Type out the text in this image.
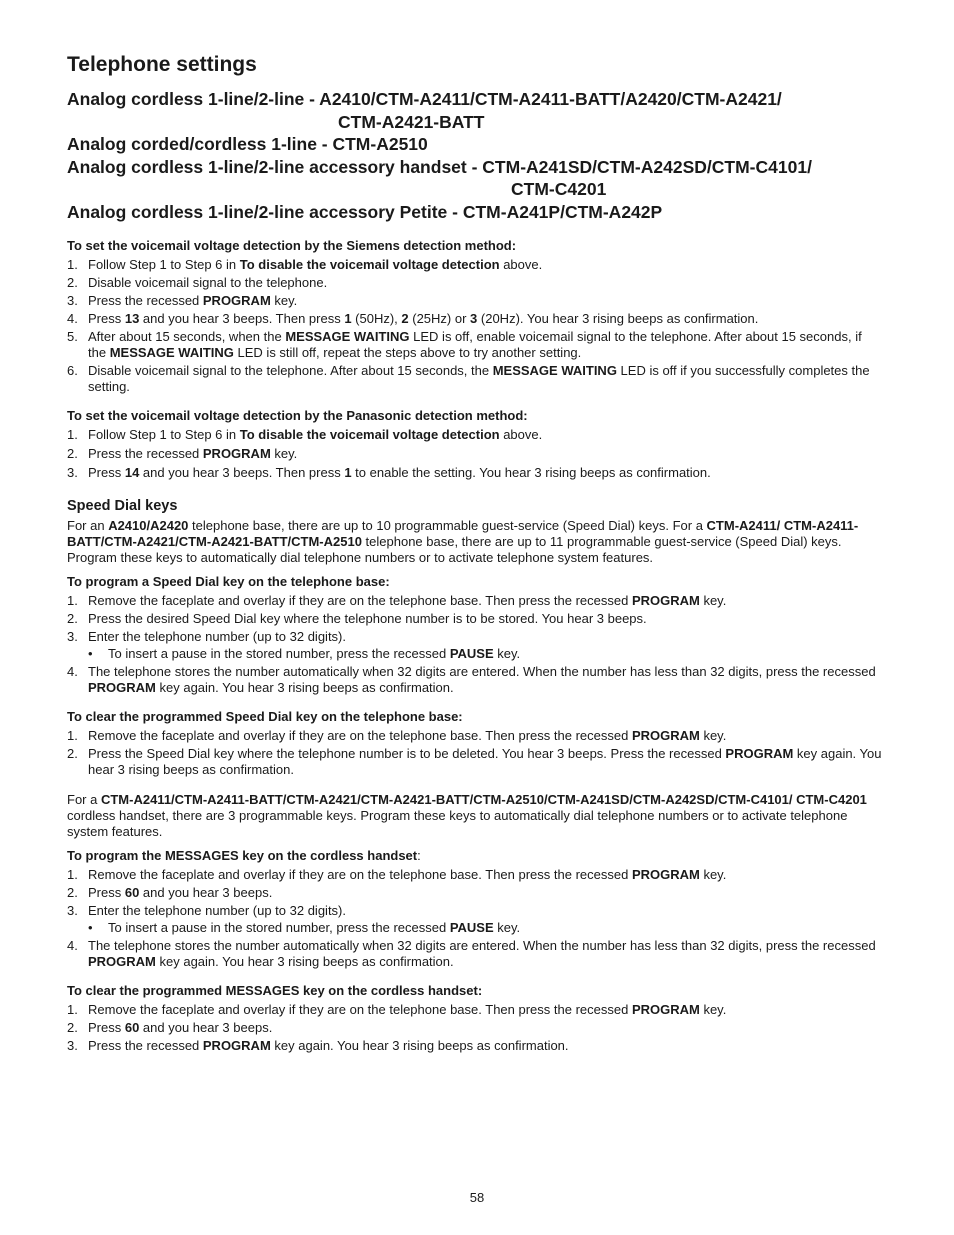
Telephone settings

Analog cordless 1-line/2-line - A2410/CTM-A2411/CTM-A2411-BATT/A2420/CTM-A2421/
CTM-A2421-BATT

Analog corded/cordless 1-line - CTM-A2510

Analog cordless 1-line/2-line accessory handset - CTM-A241SD/CTM-A242SD/CTM-C4101/
CTM-C4201

Analog cordless 1-line/2-line accessory Petite - CTM-A241P/CTM-A242P

To set the voicemail voltage detection by the Siemens detection method:
1. Follow Step 1 to Step 6 in To disable the voicemail voltage detection above.
2. Disable voicemail signal to the telephone.
3. Press the recessed PROGRAM key.
4. Press 13 and you hear 3 beeps. Then press 1 (50Hz), 2 (25Hz) or 3 (20Hz). You hear 3 rising beeps as confirmation.
5. After about 15 seconds, when the MESSAGE WAITING LED is off, enable voicemail signal to the telephone. After about 15 seconds, if the MESSAGE WAITING LED is still off, repeat the steps above to try another setting.
6. Disable voicemail signal to the telephone. After about 15 seconds, the MESSAGE WAITING LED is off if you successfully completes the setting.
To set the voicemail voltage detection by the Panasonic detection method:
1. Follow Step 1 to Step 6 in To disable the voicemail voltage detection above.
2. Press the recessed PROGRAM key.
3. Press 14 and you hear 3 beeps. Then press 1 to enable the setting. You hear 3 rising beeps as confirmation.
Speed Dial keys

For an A2410/A2420 telephone base, there are up to 10 programmable guest-service (Speed Dial) keys. For a CTM-A2411/ CTM-A2411-BATT/CTM-A2421/CTM-A2421-BATT/CTM-A2510 telephone base, there are up to 11 programmable guest-service (Speed Dial) keys. Program these keys to automatically dial telephone numbers or to activate telephone system features.

To program a Speed Dial key on the telephone base:
1. Remove the faceplate and overlay if they are on the telephone base. Then press the recessed PROGRAM key.
2. Press the desired Speed Dial key where the telephone number is to be stored. You hear 3 beeps.
3. Enter the telephone number (up to 32 digits).
• To insert a pause in the stored number, press the recessed PAUSE key.
4. The telephone stores the number automatically when 32 digits are entered. When the number has less than 32 digits, press the recessed PROGRAM key again. You hear 3 rising beeps as confirmation.
To clear the programmed Speed Dial key on the telephone base:
1. Remove the faceplate and overlay if they are on the telephone base. Then press the recessed PROGRAM key.
2. Press the Speed Dial key where the telephone number is to be deleted. You hear 3 beeps. Press the recessed PROGRAM key again. You hear 3 rising beeps as confirmation.

For a CTM-A2411/CTM-A2411-BATT/CTM-A2421/CTM-A2421-BATT/CTM-A2510/CTM-A241SD/CTM-A242SD/CTM-C4101/ CTM-C4201 cordless handset, there are 3 programmable keys. Program these keys to automatically dial telephone numbers or to activate telephone system features.

To program the MESSAGES key on the cordless handset:
1. Remove the faceplate and overlay if they are on the telephone base. Then press the recessed PROGRAM key.
2. Press 60 and you hear 3 beeps.
3. Enter the telephone number (up to 32 digits).
• To insert a pause in the stored number, press the recessed PAUSE key.
4. The telephone stores the number automatically when 32 digits are entered. When the number has less than 32 digits, press the recessed PROGRAM key again. You hear 3 rising beeps as confirmation.
To clear the programmed MESSAGES key on the cordless handset:
1. Remove the faceplate and overlay if they are on the telephone base. Then press the recessed PROGRAM key.
2. Press 60 and you hear 3 beeps.
3. Press the recessed PROGRAM key again. You hear 3 rising beeps as confirmation.
58
